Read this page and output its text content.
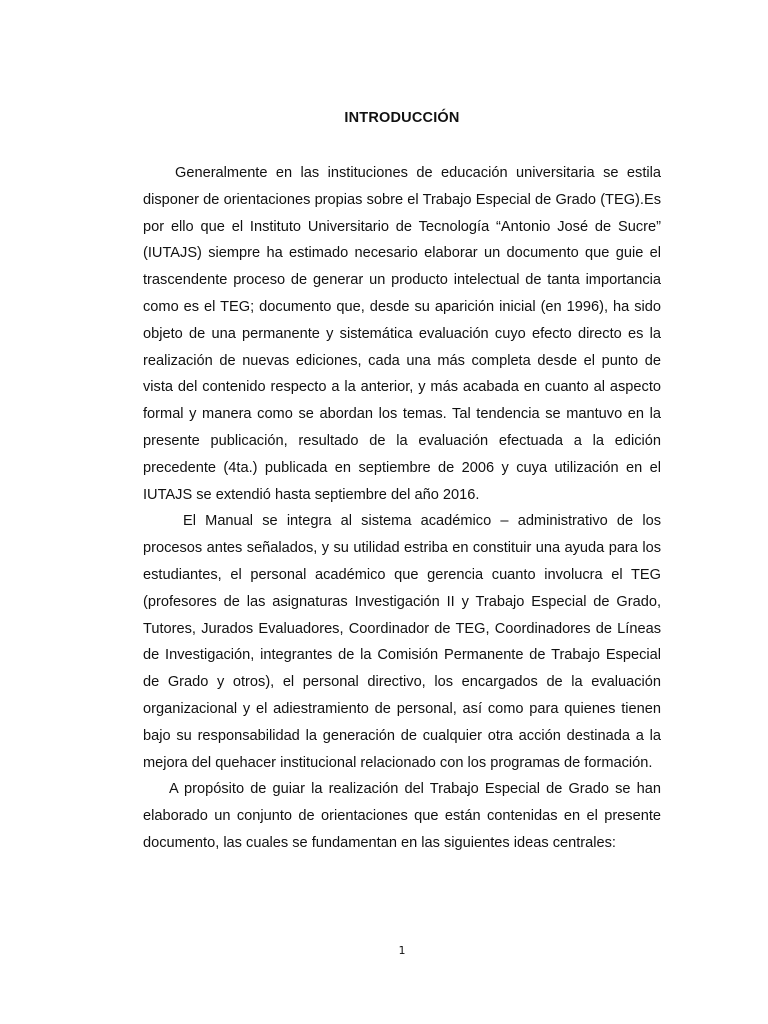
INTRODUCCIÓN

Generalmente en las instituciones de educación universitaria se estila disponer de orientaciones propias sobre el Trabajo Especial de Grado (TEG).Es por ello que el Instituto Universitario de Tecnología “Antonio José de Sucre” (IUTAJS) siempre ha estimado necesario elaborar un documento que guie el trascendente proceso de generar un producto intelectual de tanta importancia como es el TEG; documento que, desde su aparición inicial (en 1996), ha sido objeto de una permanente y sistemática evaluación cuyo efecto directo es la realización de nuevas ediciones, cada una más completa desde el punto de vista del contenido respecto a la anterior, y más acabada en cuanto al aspecto formal y manera como se abordan los temas. Tal tendencia se mantuvo en la presente publicación, resultado de la evaluación efectuada a la edición precedente (4ta.) publicada en septiembre de 2006 y cuya utilización en el IUTAJS se extendió hasta septiembre del año 2016.

El Manual se integra al sistema académico – administrativo de los procesos antes señalados, y su utilidad estriba en constituir una ayuda para los estudiantes, el personal académico que gerencia cuanto involucra el TEG (profesores de las asignaturas Investigación II y Trabajo Especial de Grado, Tutores, Jurados Evaluadores, Coordinador de TEG, Coordinadores de Líneas de Investigación, integrantes de la Comisión Permanente de Trabajo Especial de Grado y otros), el personal directivo, los encargados de la evaluación organizacional y el adiestramiento de personal, así como para quienes tienen bajo su responsabilidad la generación de cualquier otra acción destinada a la mejora del quehacer institucional relacionado con los programas de formación.

A propósito de guiar la realización del Trabajo Especial de Grado se han elaborado un conjunto de orientaciones que están contenidas en el presente documento, las cuales se fundamentan en las siguientes ideas centrales:

1
